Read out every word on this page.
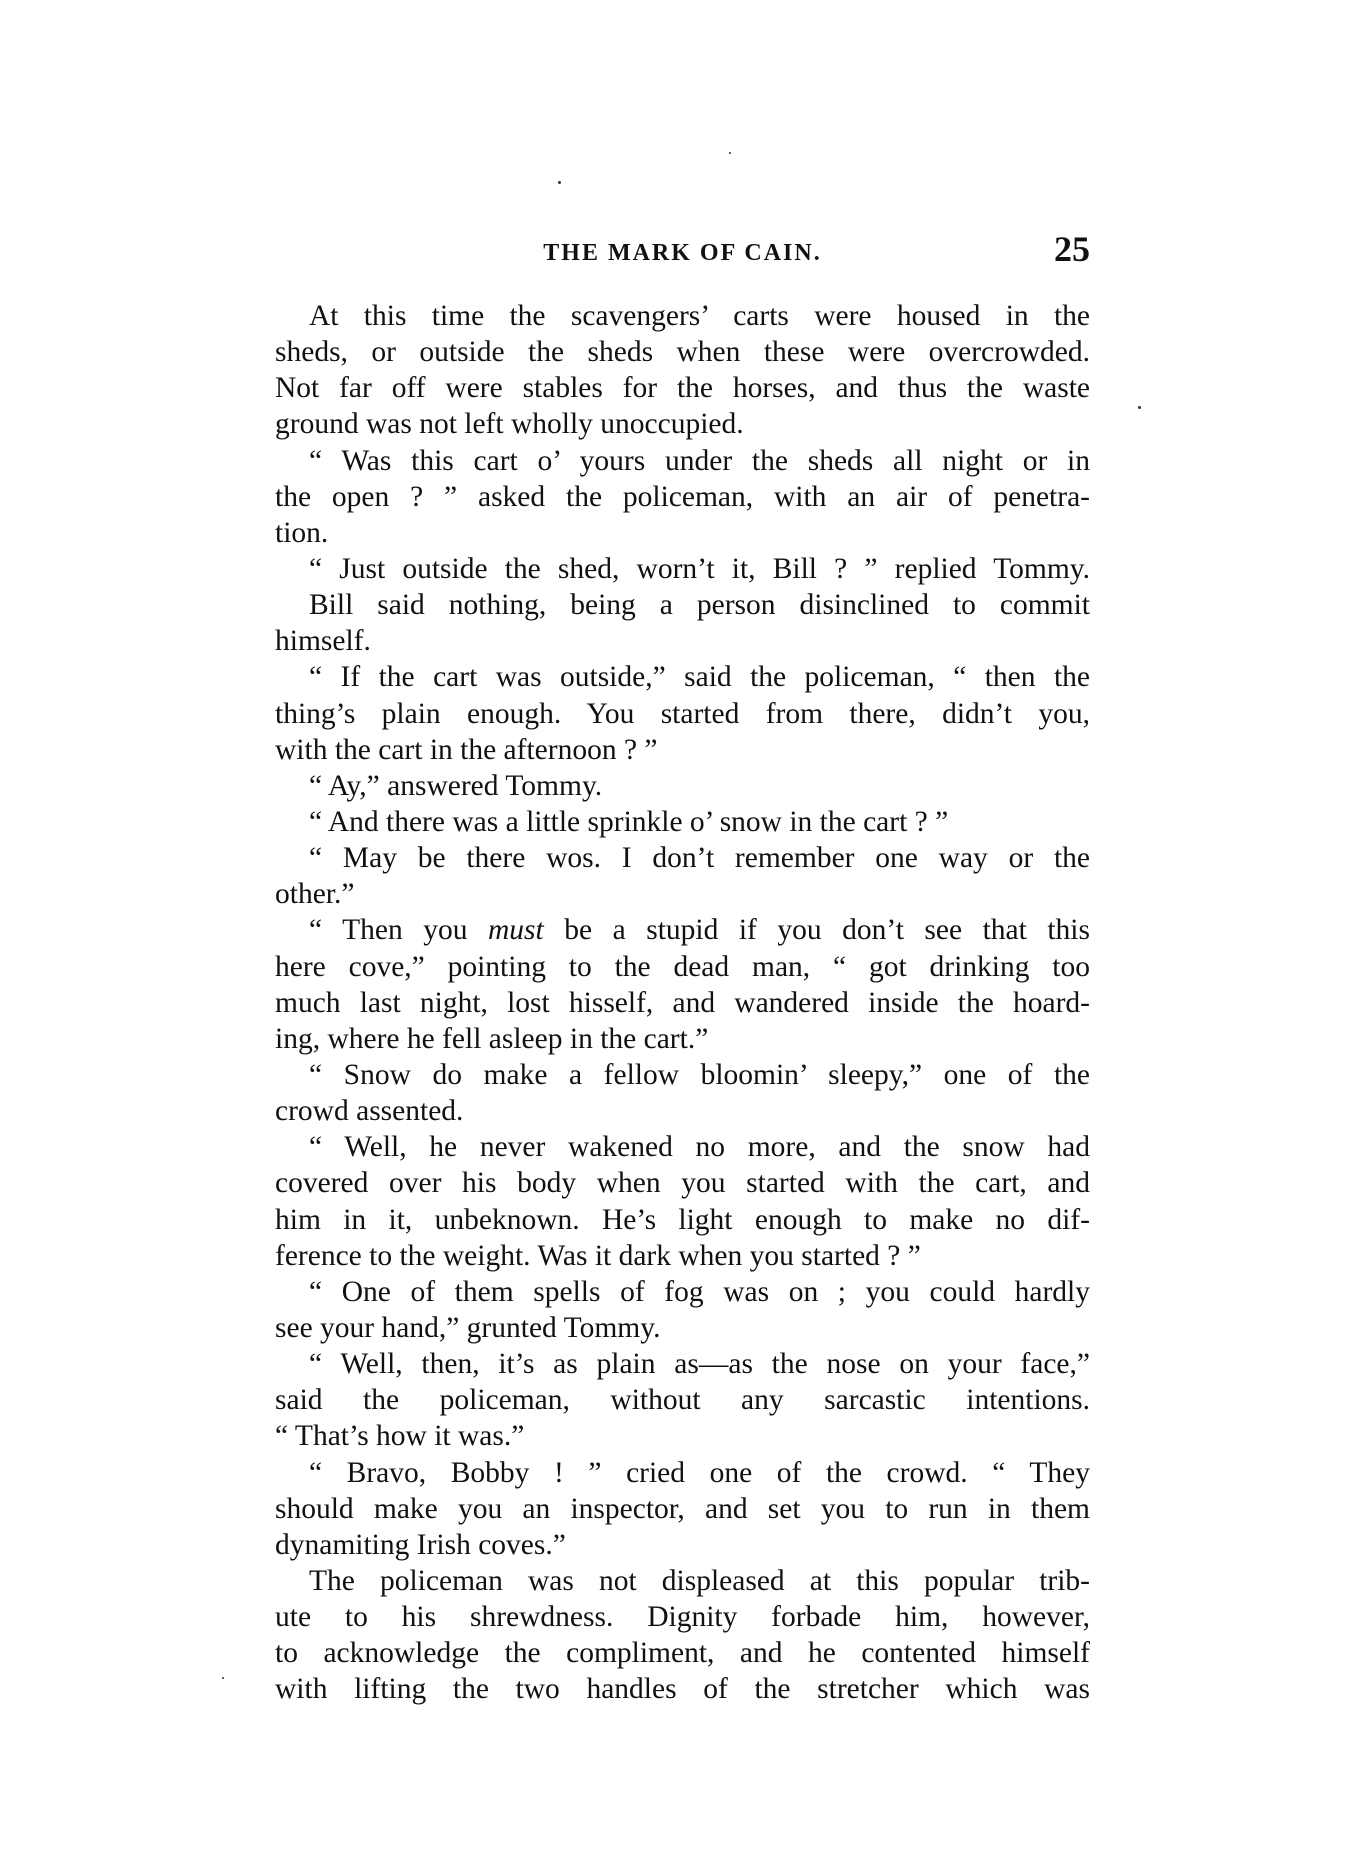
THE MARK OF CAIN.	25
At this time the scavengers’ carts were housed in the
sheds, or outside the sheds when these were overcrowded.
Not far off were stables for the horses, and thus the waste
ground was not left wholly unoccupied.
“ Was this cart o’ yours under the sheds all night or in
the open ? ” asked the policeman, with an air of penetra-
tion.
“ Just outside the shed, worn’t it, Bill ? ” replied Tommy.
Bill said nothing, being a person disinclined to commit
himself.
“ If the cart was outside,” said the policeman, “ then the
thing’s plain enough. You started from there, didn’t you,
with the cart in the afternoon ? ”
“ Ay,” answered Tommy.
“ And there was a little sprinkle o’ snow in the cart ? ”
“ May be there wos. I don’t remember one way or the
other.”
“ Then you must be a stupid if you don’t see that this
here cove,” pointing to the dead man, “ got drinking too
much last night, lost hisself, and wandered inside the hoard-
ing, where he fell asleep in the cart.”
“ Snow do make a fellow bloomin’ sleepy,” one of the
crowd assented.
“ Well, he never wakened no more, and the snow had
covered over his body when you started with the cart, and
him in it, unbeknown. He’s light enough to make no dif-
ference to the weight. Was it dark when you started ? ”
“ One of them spells of fog was on ; you could hardly
see your hand,” grunted Tommy.
“ Well, then, it’s as plain as—as the nose on your face,”
said the policeman, without any sarcastic intentions.
“ That’s how it was.”
“ Bravo, Bobby ! ” cried one of the crowd. “ They
should make you an inspector, and set you to run in them
dynamiting Irish coves.”
The policeman was not displeased at this popular trib-
ute to his shrewdness. Dignity forbade him, however,
to acknowledge the compliment, and he contented himself
with lifting the two handles of the stretcher which was
